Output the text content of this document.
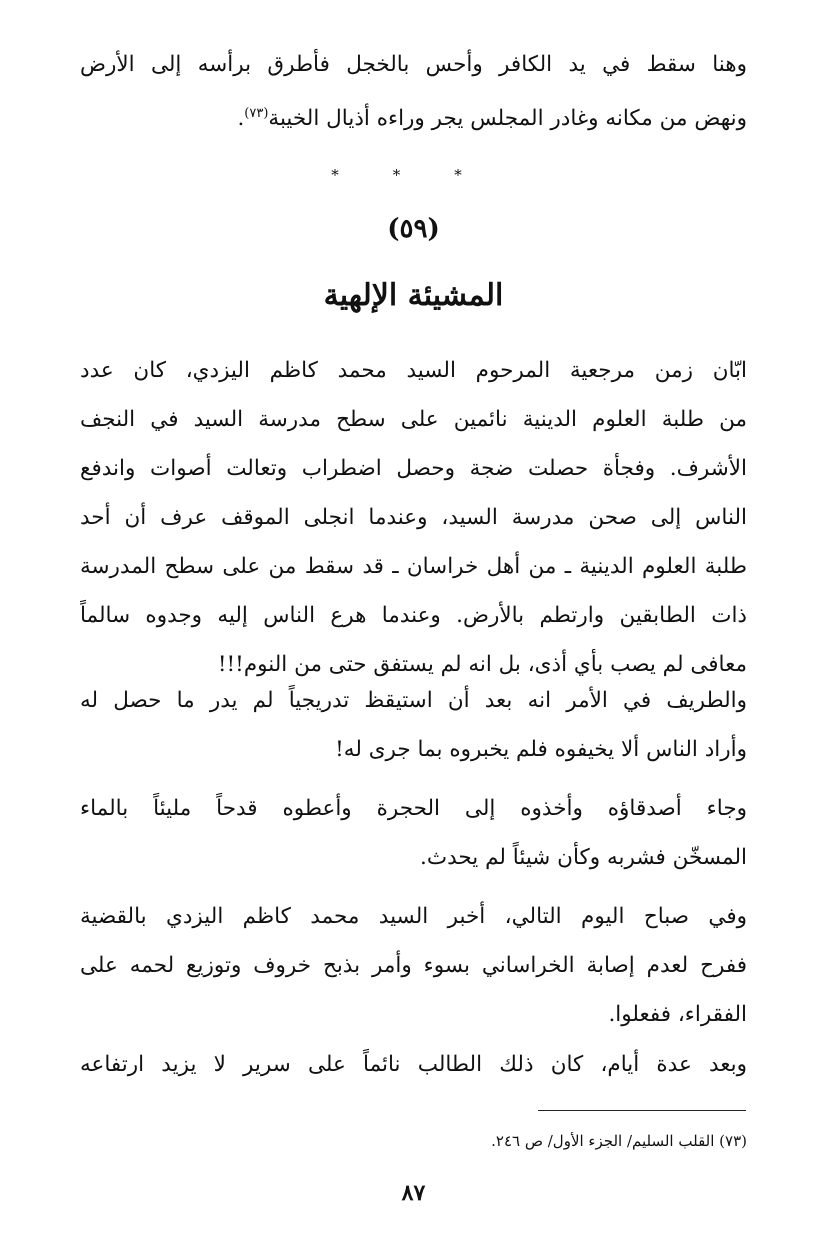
وهنا سقط في يد الكافر وأحس بالخجل فأطرق برأسه إلى الأرض
ونهض من مكانه وغادر المجلس يجر وراءه أذيال الخيبة$^{(٧٣)}$.
***
(٥٩)
المشيئة الإلهية
ابّان زمن مرجعية المرحوم السيد محمد كاظم اليزدي، كان عدد
من طلبة العلوم الدينية نائمين على سطح مدرسة السيد في النجف
الأشرف. وفجأة حصلت ضجة وحصل اضطراب وتعالت أصوات واندفع
الناس إلى صحن مدرسة السيد، وعندما انجلى الموقف عرف أن أحد
طلبة العلوم الدينية ـ من أهل خراسان ـ قد سقط من على سطح المدرسة
ذات الطابقين وارتطم بالأرض. وعندما هرع الناس إليه وجدوه سالماً
معافى لم يصب بأي أذى، بل انه لم يستفق حتى من النوم!!!
والطريف في الأمر انه بعد أن استيقظ تدريجياً لم يدر ما حصل له
وأراد الناس ألا يخيفوه فلم يخبروه بما جرى له!
وجاء أصدقاؤه وأخذوه إلى الحجرة وأعطوه قدحاً مليئاً بالماء
المسخّن فشربه وكأن شيئاً لم يحدث.
وفي صباح اليوم التالي، أخبر السيد محمد كاظم اليزدي بالقضية
ففرح لعدم إصابة الخراساني بسوء وأمر بذبح خروف وتوزيع لحمه على
الفقراء، ففعلوا.
وبعد عدة أيام، كان ذلك الطالب نائماً على سرير لا يزيد ارتفاعه
(٧٣) القلب السليم/ الجزء الأول/ ص ٢٤٦.
٨٧
